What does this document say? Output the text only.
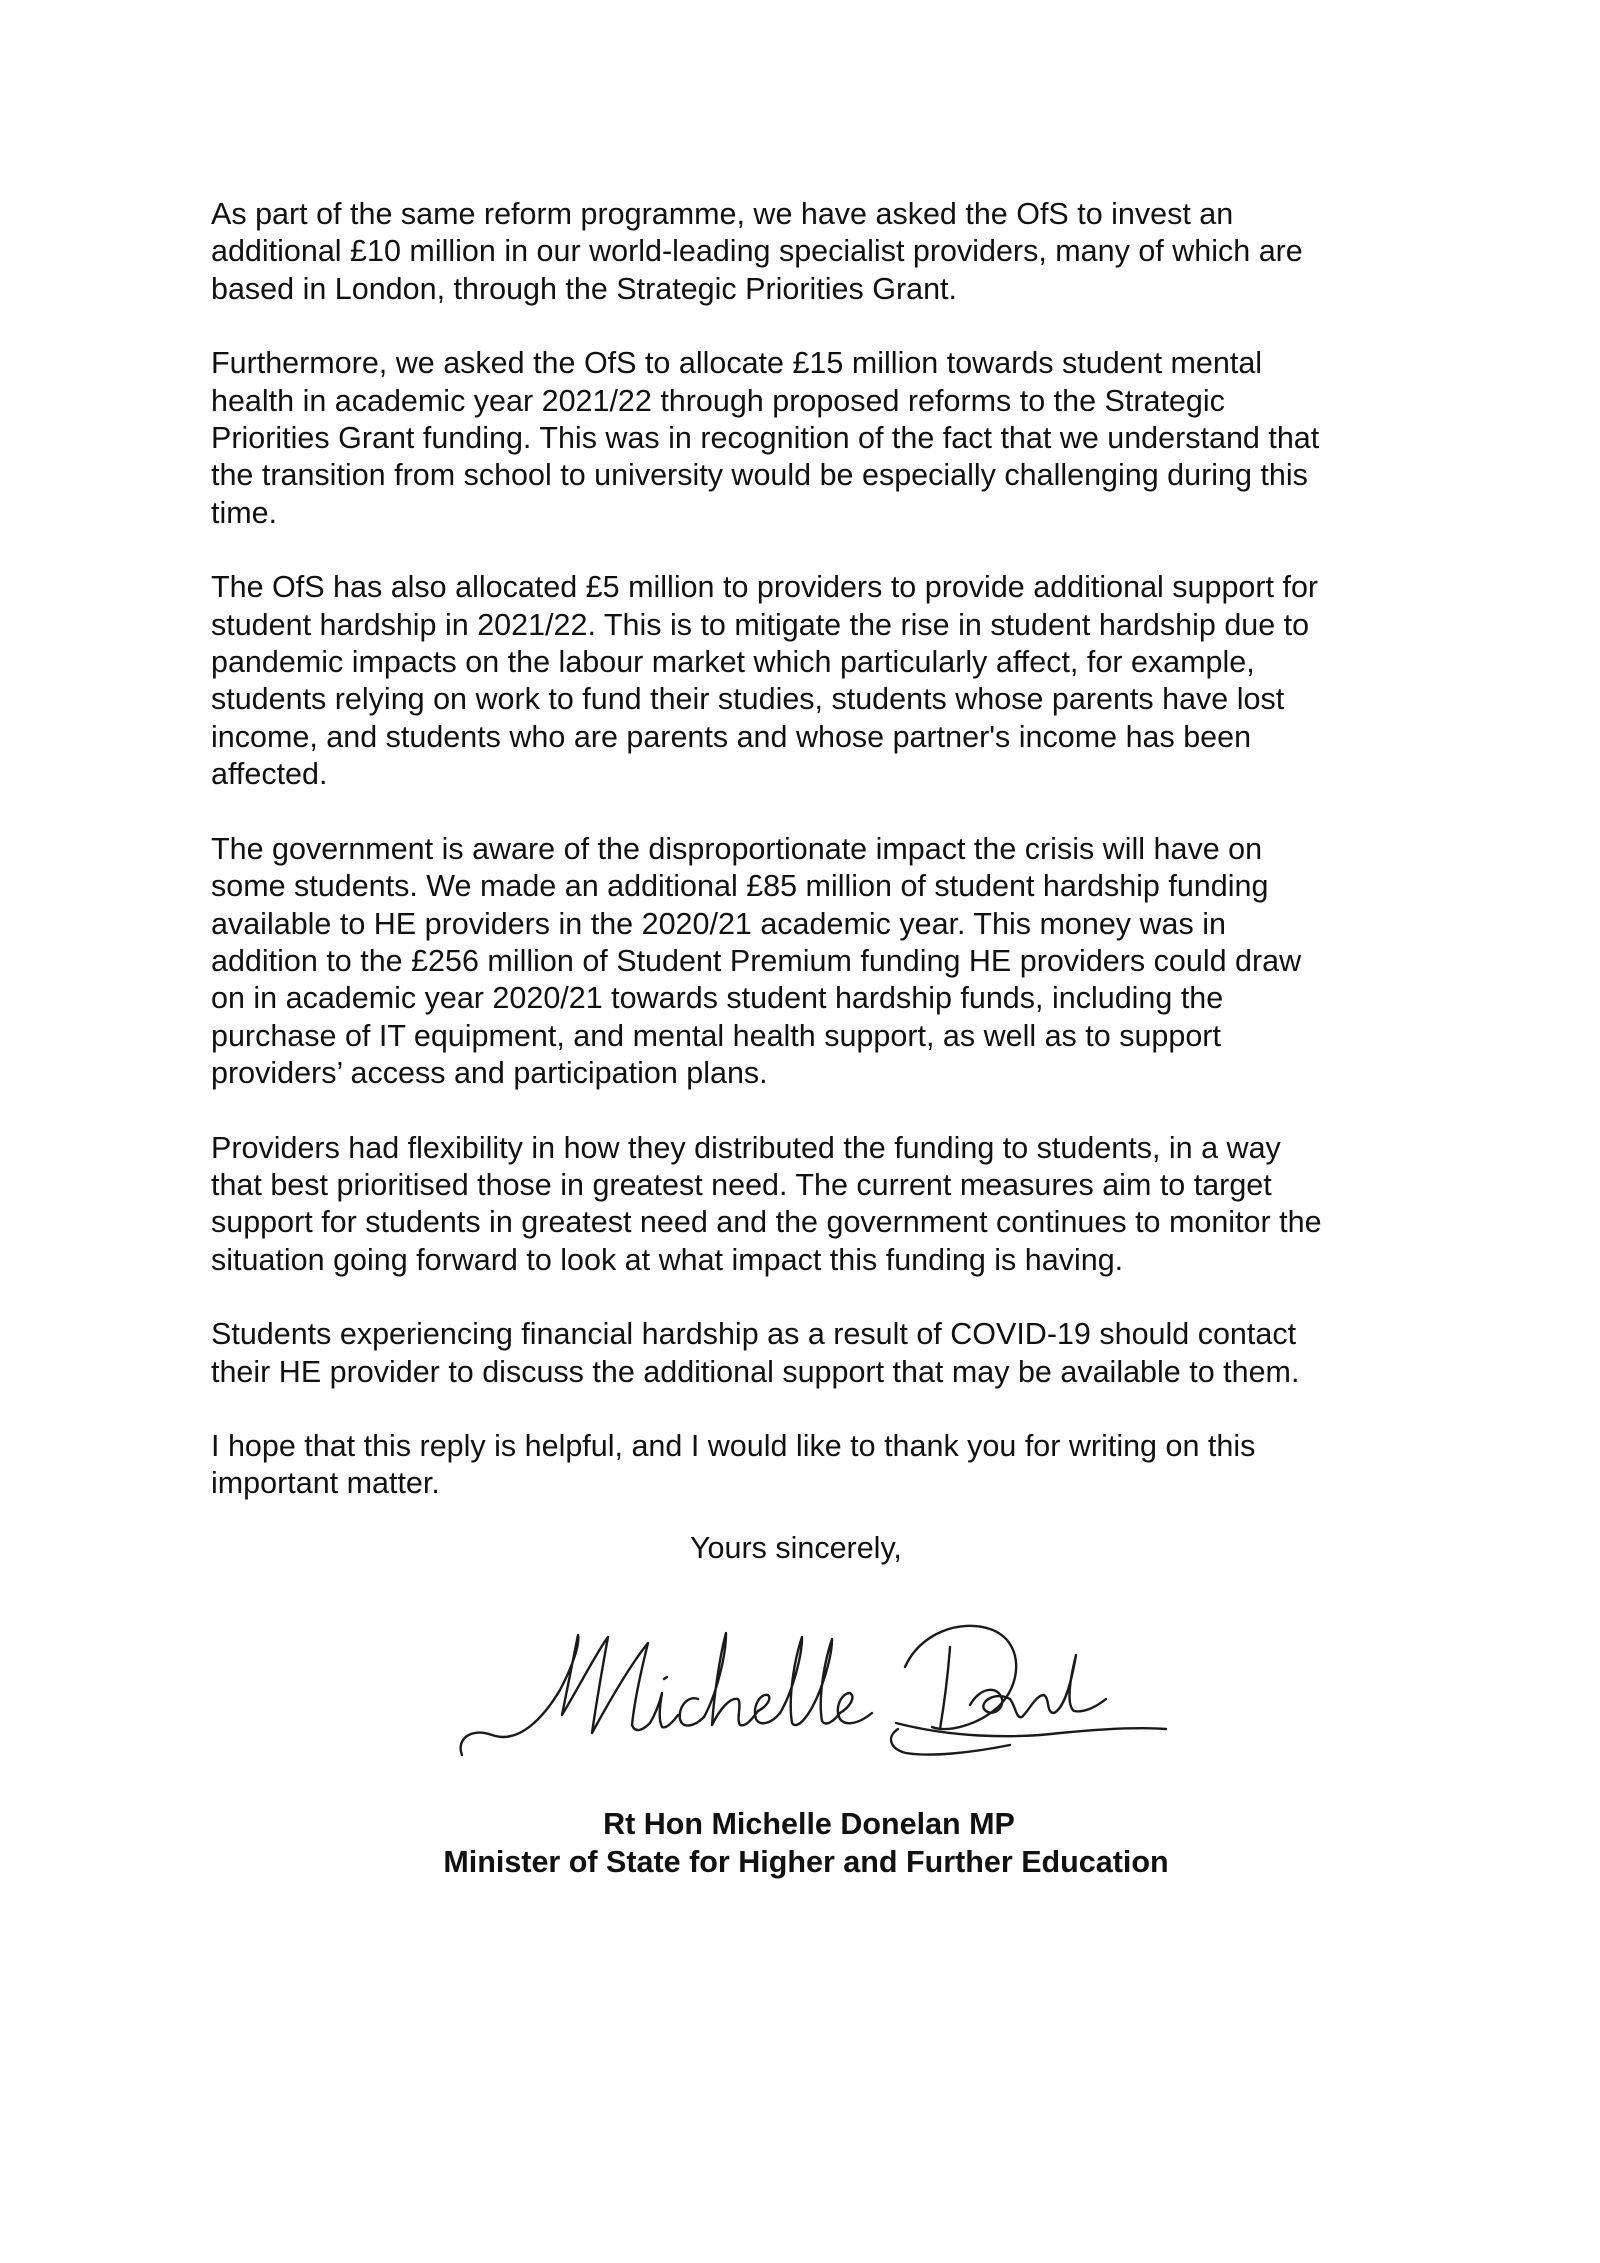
As part of the same reform programme, we have asked the OfS to invest an
additional £10 million in our world-leading specialist providers, many of which are
based in London, through the Strategic Priorities Grant.

Furthermore, we asked the OfS to allocate £15 million towards student mental
health in academic year 2021/22 through proposed reforms to the Strategic
Priorities Grant funding. This was in recognition of the fact that we understand that
the transition from school to university would be especially challenging during this
time.

The OfS has also allocated £5 million to providers to provide additional support for
student hardship in 2021/22. This is to mitigate the rise in student hardship due to
pandemic impacts on the labour market which particularly affect, for example,
students relying on work to fund their studies, students whose parents have lost
income, and students who are parents and whose partner's income has been
affected.

The government is aware of the disproportionate impact the crisis will have on
some students. We made an additional £85 million of student hardship funding
available to HE providers in the 2020/21 academic year. This money was in
addition to the £256 million of Student Premium funding HE providers could draw
on in academic year 2020/21 towards student hardship funds, including the
purchase of IT equipment, and mental health support, as well as to support
providers’ access and participation plans.

Providers had flexibility in how they distributed the funding to students, in a way
that best prioritised those in greatest need. The current measures aim to target
support for students in greatest need and the government continues to monitor the
situation going forward to look at what impact this funding is having.

Students experiencing financial hardship as a result of COVID-19 should contact
their HE provider to discuss the additional support that may be available to them.

I hope that this reply is helpful, and I would like to thank you for writing on this
important matter.

Yours sincerely,

Rt Hon Michelle Donelan MP

Minister of State for Higher and Further Education
